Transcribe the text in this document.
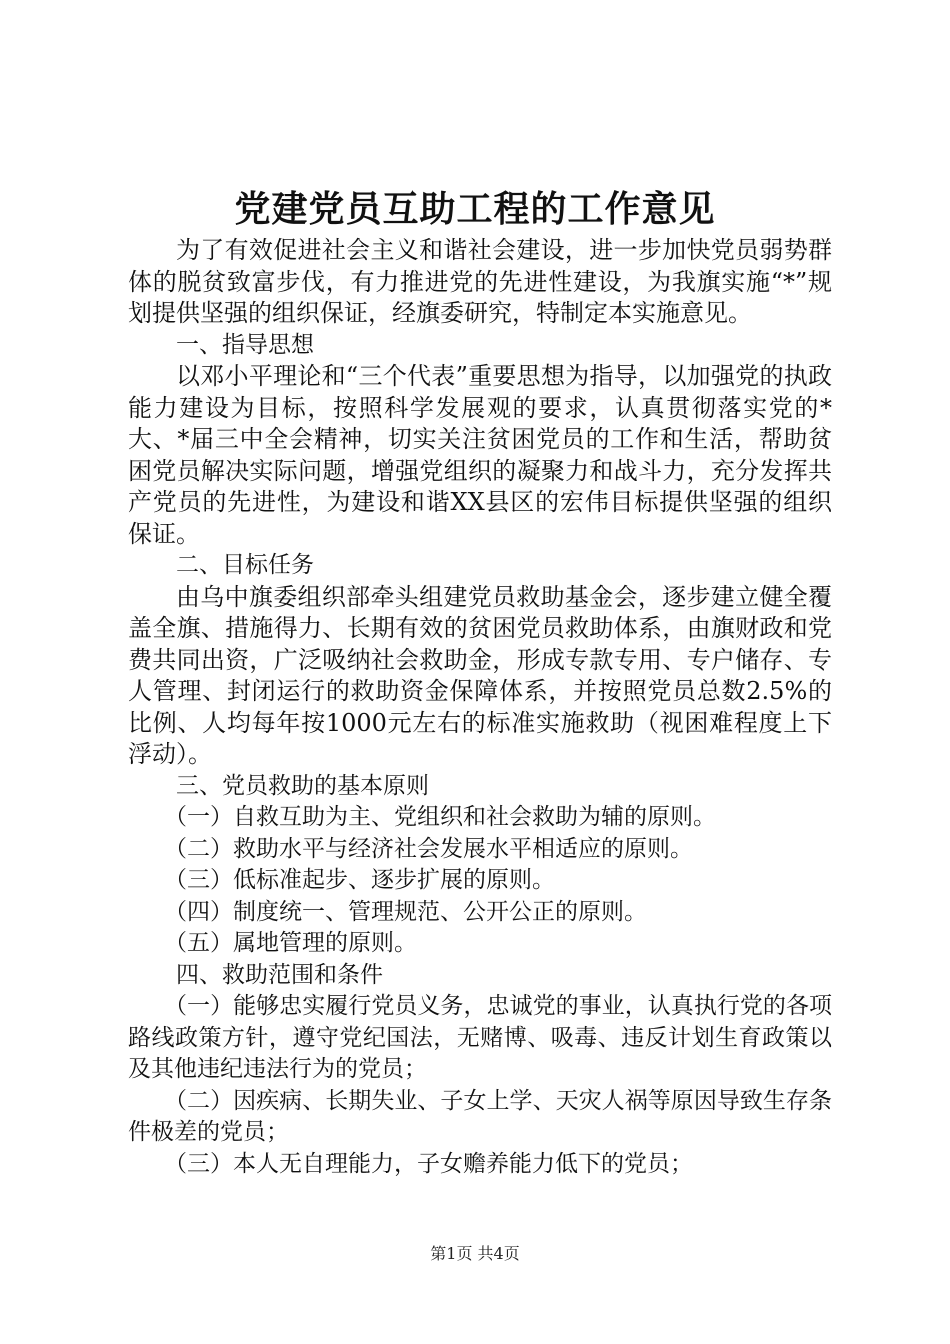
党建党员互助工程的工作意见

为了有效促进社会主义和谐社会建设，进一步加快党员弱势群体的脱贫致富步伐，有力推进党的先进性建设，为我旗实施“*”规划提供坚强的组织保证，经旗委研究，特制定本实施意见。

一、指导思想

以邓小平理论和“三个代表”重要思想为指导，以加强党的执政能力建设为目标，按照科学发展观的要求，认真贯彻落实党的*大、*届三中全会精神，切实关注贫困党员的工作和生活，帮助贫困党员解决实际问题，增强党组织的凝聚力和战斗力，充分发挥共产党员的先进性，为建设和谐XX县区的宏伟目标提供坚强的组织保证。

二、目标任务

由乌中旗委组织部牵头组建党员救助基金会，逐步建立健全覆盖全旗、措施得力、长期有效的贫困党员救助体系，由旗财政和党费共同出资，广泛吸纳社会救助金，形成专款专用、专户储存、专人管理、封闭运行的救助资金保障体系，并按照党员总数2.5%的比例、人均每年按1000元左右的标准实施救助（视困难程度上下浮动）。

三、党员救助的基本原则

（一）自救互助为主、党组织和社会救助为辅的原则。

（二）救助水平与经济社会发展水平相适应的原则。

（三）低标准起步、逐步扩展的原则。

（四）制度统一、管理规范、公开公正的原则。

（五）属地管理的原则。

四、救助范围和条件

（一）能够忠实履行党员义务，忠诚党的事业，认真执行党的各项路线政策方针，遵守党纪国法，无赌博、吸毒、违反计划生育政策以及其他违纪违法行为的党员；

（二）因疾病、长期失业、子女上学、天灾人祸等原因导致生存条件极差的党员；

（三）本人无自理能力，子女赡养能力低下的党员；

第1页 共4页
